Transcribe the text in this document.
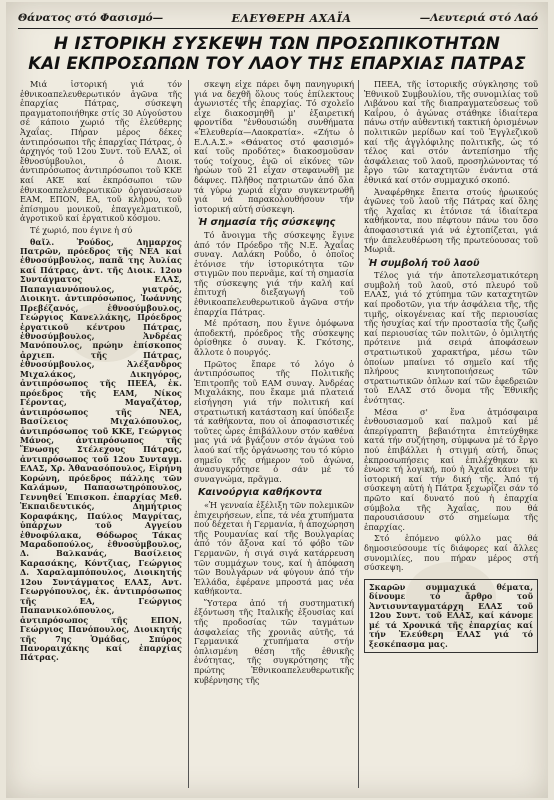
Θάνατος στό Φασισμό—	ΕΛΕΥΘΕΡΗ ΑΧΑΪΑ	—Λευτεριά στό Λαό
Η ΙΣΤΟΡΙΚΗ ΣΥΣΚΕΨΗ ΤΩΝ ΠΡΟΣΩΠΙΚΟΤΗΤΩΝ
ΚΑΙ ΕΚΠΡΟΣΩΠΩΝ ΤΟΥ ΛΑΟΥ ΤΗΣ ΕΠΑΡΧΙΑΣ ΠΑΤΡΑΣ

Μιά ἱστορική γιά τόν ἐθνικοαπελευθερωτικόν ἀγῶνα τῆς ἐπαρχίας Πάτρας, σύσκεψη πραγματοποιήθηκε στίς 30 Αὐγούστου σέ κάποιο χωριό τῆς ἐλεύθερης Ἀχαΐας. Πήραν μέρος δέκες ἀντιπρόσωποι τῆς ἐπαρχίας Πάτρας, ὁ ἀρχηγός τοῦ 12ου Συντ. τοῦ ΕΛΑΣ, οἱ ἔθνοσύμβουλοι, ὁ Διοικ. ἀντιπρόσωπος ἀντιπρόσωποι τοῦ ΚΚΕ καί ΑΚΕ καί ἐκπρόσωποι τῶν ἐθνικοαπελευθερωτικῶν ὀργανώσεων ΕΑΜ, ΕΠΟΝ, ΕΑ, τοῦ κλήρου, τοῦ ἐπίσημου μονικοῦ, ἐπαγγελματικοῦ, ἀγροτικοῦ καί ἐργατικοῦ κόσμου.

Τέ χωριό, που έγινε ἡ σύ

θαῖλ. Ῥούδος, Δημαρχος Πατρῶν, πρόεδρος τῆς ΝΕΑ καί ἐθνοσύμβουλος, παπᾶ της Ἀυλίας καί Πάτρας, ἀντ. τῆς Διοικ. 12ου Συντάγματος ΕΛΑΣ, Παπαγιαννόπουλος, γιατρός, Διοικητ. ἀντιπρόσωπος, Ἰωάννης Πρεβέζανός, ἐθνοσύμβουλος, Γεώργιος Κανελλάκης, Πρόεδρος ἐργατικοῦ κέντρου Πάτρας, ἐθνοσύμβουλος, Ἀνδρέας Μανόπουλος, πρώην ἐπίσκοπος ἀρχιεπ. τῆς Πάτρας, ἐθνοσύμβουλος, Ἀλέξανδρος Μιχαλάκος, Δικηγόρος, ἀντιπρόσωπος τῆς ΠΕΕΑ, ἐκ. πρόεδρος τῆς ΕΑΜ, Νίκος Γέροντας, Μαγαζάτορ, ἀντιπρόσωπος τῆς ΝΕΑ, Βασίλειος Μιχαλόπουλος, ἀντιπρόσωπος τοῦ ΚΚΕ, Γεώργιος Μάνος, ἀντιπρόσωπος τῆς Ἕνωσης Στέλεχους Πάτρας, ἀντιπρόσωπος τοῦ 12ου Συνταγμ. ΕΛΑΣ, Χρ. Ἀθανασόπουλος, Εἰρήνη Κορώνη, πρόεδρος πάλλης τῶν Καλάμων, Παπασωτηρόπουλος, Γεννηθεί Ἐπισκοπ. ἐπαρχίας Μεθ. Ἐκπαιδευτικός, Δημήτριος Κοραφάκης, Παύλος Μαγρίτας, ὑπάρχων τοῦ Αγγείου ἐθνοφύλακα, Θόδωρος Τάκας Μαραδοπούλος, ἐθνοσύμβουλος, Δ. Βαλκανάς, Βασίλειος Καρασάκης, Κόντζιας, Γεώργιος Δ. Χαραλαμπόπουλος, Διοικητής 12ου Συντάγματος ΕΛΑΣ, Αντ. Γεωργόπουλος, ἐκ. ἀντιπρόσωπος τῆς ΕΑ, Γεώργιος Παπανικολόπουλος, ἀντιπρόσωπος τῆς ΕΠΟΝ, Γεώργιος Πανόπουλος, Διοικητής τῆς 7ης Ὁμάδας, Σπύρος Πανοραιχάκης καί ἐπαρχίας Πάτρας.

σκεψη εἶχε πάρει ὄψη πανηγυρική γιά να δεχθῆ ὅλους τούς ἐπίλεκτους ἀγωνιστές τῆς ἐπαρχίας. Τό σχολεῖο εἶχε διακοσμηθῆ μ' ἐξαιρετική φροντίδα "ἐνθουσιώδη συνθήματα «Ἐλευθερία—Λαοκρατία». «Ζήτω ὁ Ε.Λ.Α.Σ.» «Θάνατος στό φασισμό» καί τοῦς προδότες» διακοσμοῦσαν τούς τοίχους, ἐνῶ οἱ εἰκόνες τῶν ἡρώων τοῦ 21 εἶχαν στεφανωθῆ με δάφνες. Πλῆθος πατριωτῶν ἀπό ὅλα τά γύρω χωριά εἶχαν συγκεντρωθῆ γιά νά παρακολουθήσουν τήν ἱστορική αὐτή σύσκεψη.

Ἡ σημασία τῆς σύσκεψης

Τό ἄνοιγμα τῆς σύσκεψης ἔγινε ἀπό τόν Πρόεδρο τῆς Ν.Ε. Ἀχαΐας συναγ. Λαλάκη Ροῦδο, ὁ ὁποῖος ἐτόνισε τήν ἱστορικότητα τῶν στιγμῶν που περνᾶμε, καί τή σημασία τῆς σύσκεψης γιά τήν καλή καί ἐπιτυχή διεξαγωγή τοῦ ἐθνικοαπελευθερωτικοῦ ἀγῶνα στήν ἐπαρχία Πάτρας.

Μέ πρόταση, που ἔγινε ὁμόφωνα ἀποδεκτή, πρόεδρος τῆς σύσκεψης ὁρίσθηκε ὁ συναγ. Κ. Γκότσης, ἄλλοτε ὁ πουργός.

Πρῶτος ἔπαρε τό λόγο ὁ ἀντιπρόσωπος τῆς Πολιτικῆς Ἐπιτροπῆς τοῦ ΕΑΜ συναγ. Ἀνδρέας Μιχαλάκης, που ἔκαμε μιά πλατειά εἰσήγηση γιά τήν πολιτική καί στρατιωτική κατάσταση καί ὑπόδειξε τά καθήκοντα, που οἱ ἀποφασιστικές τοῦτες ὧρες ἐπιβάλλουν στόν καθένα μας γιά νά βγάζουν στόν ἀγώνα τού λαού καί τῆς ὀργάνωσης του τό κύριο σημεῖο τῆς σήμερον τοῦ ἀγώνα, ἀνασυγκρότησε ὁ σάν μέ τό συναγνώμα, πρᾶγμα.

Καινούργια καθήκοντα

«Ἡ γενναία ἐξέλιξη τῶν πολεμικῶν ἐπιχειρήσεων, εἶπε, τά νέα χτυπήματα πού δέχεται ἡ Γερμανία, ἡ ἀποχώρηση τῆς Ρουμανίας καί τῆς Βουλγαρίας ἀπό τόν ἄξονα καί τό φόβο τῶν Γερμανῶν, ἡ σιγά σιγά κατάρρευση τῶν συμμάχων τους, καί ἡ ἀπόφαση τῶν Βουλγάρων νά φύγουν ἀπό τήν Ἑλλάδα, ἐφέρανε μπροστά μας νέα καθήκοντα.

Ὕστερα ἀπό τή συστηματική ἐξόντωση τῆς Ιταλικῆς ἐξουσίας καί τῆς προδοσίας τῶν ταγμάτων ἀσφαλείας τῆς χρονιᾶς αὐτῆς, τά Γερμανικά χτυπήματα στήν ὁπλισμένη θέση τῆς ἐθνικῆς ἐνότητας, τῆς συγκρότησης τῆς πρώτης Ἐθνικοαπελευθερωτικῆς κυβέρνησης τῆς

ΠΕΕΑ, τῆς ἱστορικῆς σύγκλησης τοῦ Ἐθνικοῦ Συμβουλίου, τῆς συνομιλίας τοῦ Λιβάνου καί τῆς διαπραγματεύσεως τοῦ Καΐρου, ὁ ἀγώνας στάθηκε ἰδιαίτερα πάνω στήν αὐθεντική τακτική ὁρισμένων πολιτικῶν μερίδων καί τοῦ Ἐγγλεζικοῦ καί τῆς ἀγγλόφιλης πολιτικῆς, ὡς τό τέλος καί στόν ἀντεπίσημο τῆς ἀσφάλειας τοῦ λαοῦ, προσηλώνοντας τό ἔργο τῶν καταχτητῶν ἐνάντια στά ἐθνικά καί στόν συμμαχικό σκοπό.

Ἀναφέρθηκε ἔπειτα στούς ἡρωικούς ἀγῶνες τοῦ λαοῦ τῆς Πάτρας καί ὅλης τῆς Ἀχαΐας κι ἐτόνισε τά ἰδιαίτερα καθήκοντα, που πέφτουν πάνω του ὅσο ἀποφασιστικά γιά νά ἐχτοπίζεται, γιά τήν ἀπελευθέρωση τῆς πρωτεύουσας τοῦ Μωριᾶ.

Ἡ συμβολή τοῦ λαοῦ

Τέλος γιά τήν ἀποτελεσματικότερη συμβολή τοῦ λαοῦ, στό πλευρό τοῦ ΕΛΑΣ, γιά τό χτύπημα τῶν καταχτητῶν καί προδοτῶν, για τήν ἀσφάλεια τῆς, τῆς τιμῆς, οἰκογένειας καί τῆς περιουσίας τῆς ἡσυχίας καί τήν προστασία τῆς ζωῆς καί περιουσίας τῶν πολιτῶν, ὁ ὁμιλητής πρότεινε μιά σειρά ἀποφάσεων στρατιωτικοῦ χαρακτήρα, μέσω τῶν ὁποίων μπαίνει τό σημεῖο καί τῆς πλήρους κινητοποιήσεως τῶν στρατιωτικῶν ὁπλων καί τῶν ἐφεδρειῶν τοῦ ΕΛΑΣ στό ὄνομα τῆς Ἐθνικῆς ἑνότητας.

Μέσα σ' ἕνα ἀτμόσφαιρα ἐνθουσιασμοῦ καί παλμοῦ καί μέ ἀπερίγραπτη βεβαιότητα ἐπιτεύχθηκε κατά τήν συζήτηση, σύμφωνα μέ τό ἔργο πού ἐπιβάλλει ἡ στιγμή αὐτή, ὅπως ἐκπροσωπήσεις καί ἐπιλέχθηκαν κι ἐνωσε τή λογική, πού ἡ Ἀχαΐα κάνει τήν ἱστορική καί τήν δική τῆς. Ἀπό τή σύσκεψη αὐτή ἡ Πάτρα ξεχωρίζει σάν τό πρῶτο καί δυνατό πού ἡ ἐπαρχία σύμβολα τῆς Ἀχαΐας, που θά παρουσιάσουν στό σημείωμα τῆς ἐπαρχίας.

Στό ἑπόμενο φύλλο μας θά δημοσιεύσουμε τίς διάφορες καί ἄλλες συνομιλίες, που πήραν μέρος στή σύσκεψη.

Σκαρῶν συμμαχικά θέματα, δίνουμε τό ἄρθρο τοῦ Ἀντισυνταγματάρχη ΕΛΑΣ τοῦ 12ου Συντ. τοῦ ΕΛΑΣ, καί κάνομε μέ τά Χρονικά τῆς ἐπαρχίας καί τήν Ἐλεύθερη ΕΛΑΣ γιά τό ξεσκέπασμα μας.
